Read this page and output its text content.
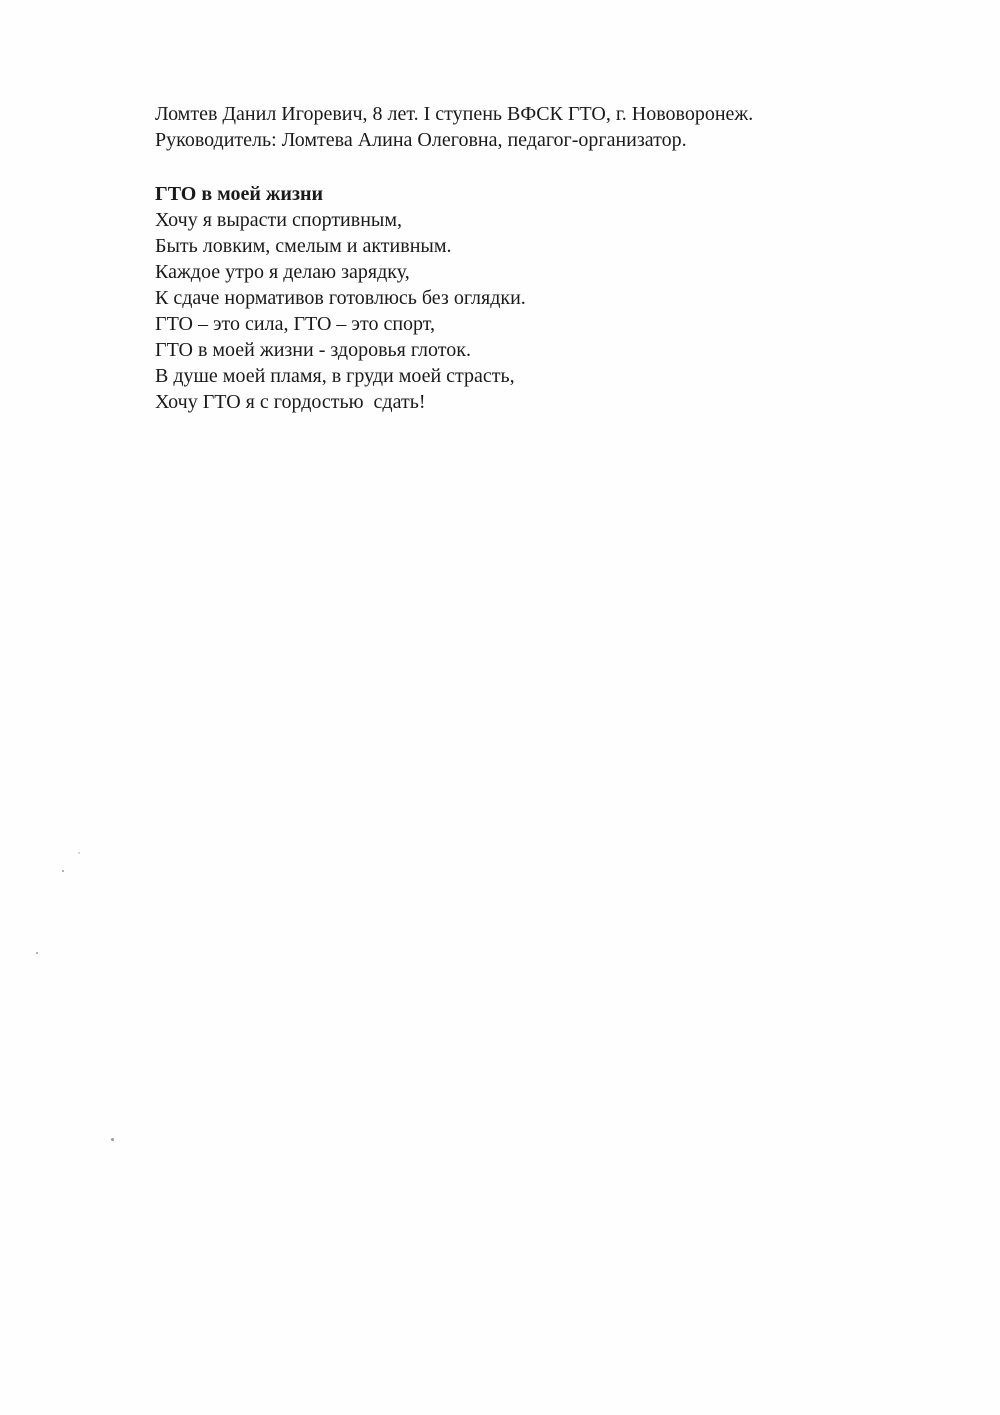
Ломтев Данил Игоревич, 8 лет. I ступень ВФСК ГТО, г. Нововоронеж.
Руководитель: Ломтева Алина Олеговна, педагог-организатор.
ГТО в моей жизни
Хочу я вырасти спортивным,
Быть ловким, смелым и активным.
Каждое утро я делаю зарядку,
К сдаче нормативов готовлюсь без оглядки.
ГТО – это сила, ГТО – это спорт,
ГТО в моей жизни - здоровья глоток.
В душе моей пламя, в груди моей страсть,
Хочу ГТО я с гордостью  сдать!
